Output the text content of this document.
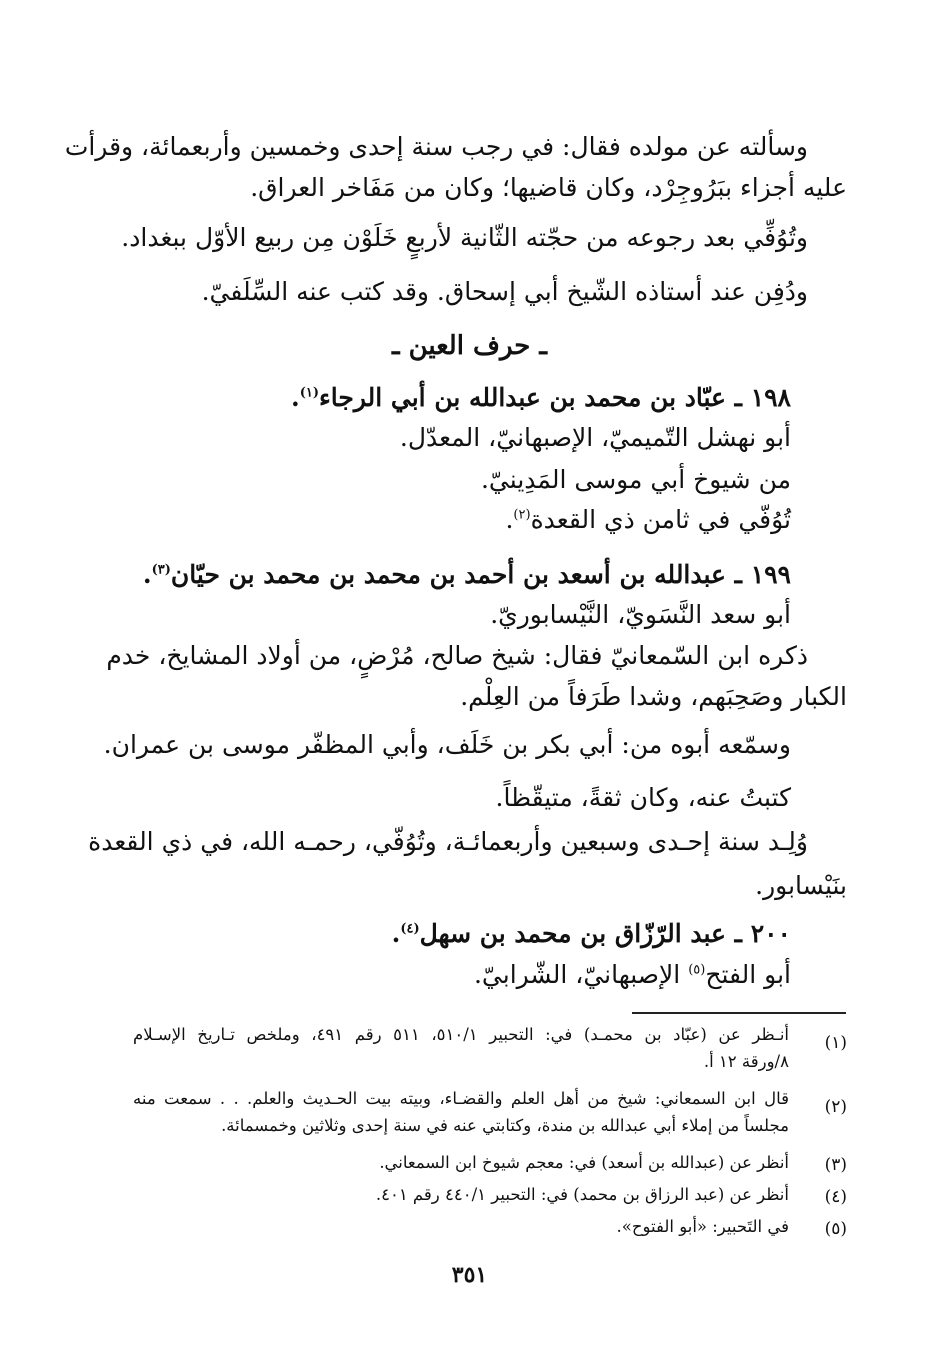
وسألته عن مولده فقال: في رجب سنة إحدى وخمسين وأربعمائة، وقرأت
عليه أجزاء ببَرُوجِرْد، وكان قاضيها؛ وكان من مَفَاخر العراق.
وتُوُفِّي بعد رجوعه من حجّته الثّانية لأربعٍ خَلَوْن مِن ربيع الأوّل ببغداد.
ودُفِن عند أستاذه الشّيخ أبي إسحاق. وقد كتب عنه السِّلَفيّ.
ـ حرف العين ـ
١٩٨ ـ عبّاد بن محمد بن عبدالله بن أبي الرجاء$^{(١)}$.
أبو نهشل التّميميّ، الإصبهانيّ، المعدّل.
من شيوخ أبي موسى المَدِينيّ.
تُوُفّي في ثامن ذي القعدة$^{(٢)}$.
١٩٩ ـ عبدالله بن أسعد بن أحمد بن محمد بن محمد بن حيّان$^{(٣)}$.
أبو سعد النَّسَويّ، النَّيْسابوريّ.
ذكره ابن السّمعانيّ فقال: شيخ صالح، مُرْضٍ، من أولاد المشايخ، خدم
الكبار وصَحِبَهم، وشدا طَرَفاً من العِلْم.
وسمّعه أبوه من: أبي بكر بن خَلَف، وأبي المظفّر موسى بن عمران.
كتبتُ عنه، وكان ثقةً، متيقّظاً.
وُلِـد سنة إحـدى وسبعين وأربعمائـة، وتُوُفّي، رحمـه الله، في ذي القعدة
بنَيْسابور.
٢٠٠ ـ عبد الرّزّاق بن محمد بن سهل$^{(٤)}$.
أبو الفتح$^{(٥)}$ الإصبهانيّ، الشّرابيّ.
(١)
أنـظر عن (عبّاد بن محمـد) في: التحبير ٥١٠/١، ٥١١ رقم ٤٩١، وملخص تـاريخ الإسـلام
٨/ورقة ١٢ أ.
(٢)
قال ابن السمعاني: شيخ من أهل العلم والقضـاء، وبيته بيت الحـديث والعلم. . . سمعت منه
مجلساً من إملاء أبي عبدالله بن مندة، وكتابتي عنه في سنة إحدى وثلاثين وخمسمائة.
(٣)
أنظر عن (عبدالله بن أسعد) في: معجم شيوخ ابن السمعاني.
(٤)
أنظر عن (عبد الرزاق بن محمد) في: التحبير ٤٤٠/١ رقم ٤٠١.
(٥)
في التَحبير: «أبو الفتوح».
٣٥١
